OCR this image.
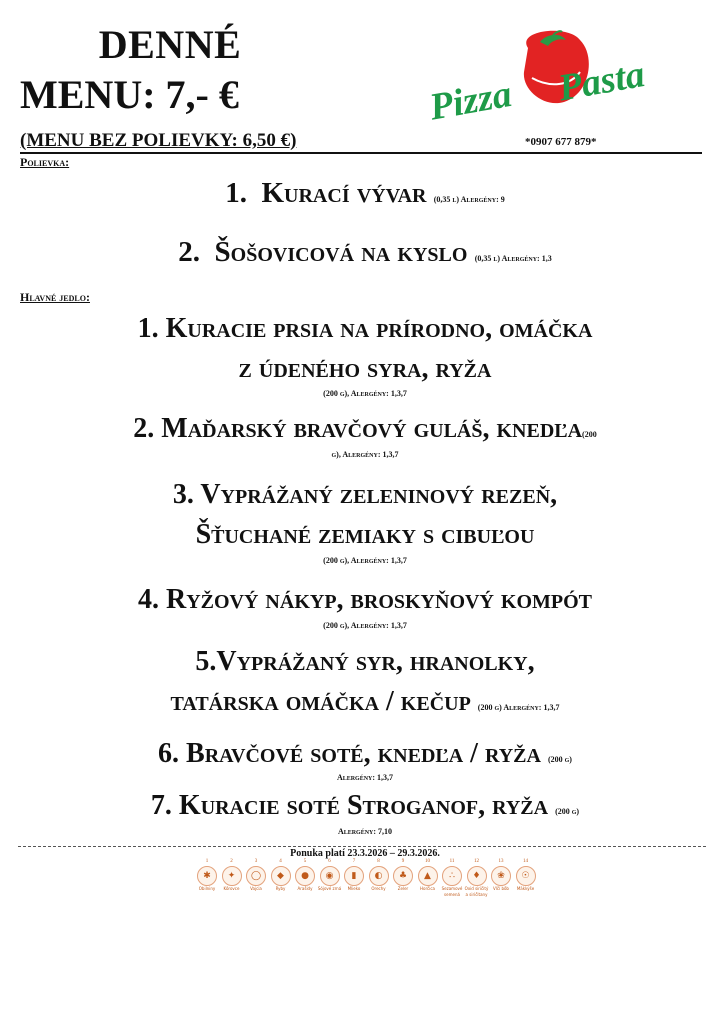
DENNÉ
MENU: 7,- €	Pizza Pasta
(MENU BEZ POLIEVKY: 6,50 €)	*0907 677 879*
Polievka:
1. Kurací vývar (0,35 l) Alergény: 9
2. Šošovicová na kyslo (0,35 l) Alergény: 1,3
Hlavné jedlo:
1. Kuracie prsia na prírodno, omáčka
z údeného syra, ryža
(200 g), Alergény: 1,3,7
2. Maďarský bravčový guláš, knedľa(200
g), Alergény: 1,3,7
3. Vyprážaný zeleninový rezeň,
Šťuchané zemiaky s cibuľou
(200 g), Alergény: 1,3,7
4. Ryžový nákyp, broskyňový kompót
(200 g), Alergény: 1,3,7
5.Vyprážaný syr, hranolky,
tatárska omáčka / kečup (200 g) Alergény: 1,3,7
6. Bravčové soté, knedľa / ryža (200 g)
Alergény: 1,3,7
7. Kuracie soté Stroganof, ryža (200 g)
Alergény: 7,10
Ponuka platí 23.3.2026 – 29.3.2026.
1
✱
Obilniny
2
✦
Kôrovce
3
◯
Vajcia
4
◆
Ryby
5
●
Arašidy
6
◉
Sójové zrná
7
▮
Mlieko
8
◐
Orechy
9
♣
Zeler
10
▲
Horčica
11
∴
Sezamové semená
12
♦
Oxid siričitý a siričitany
13
❀
Vlčí bôb
14
☉
Mäkkýše
